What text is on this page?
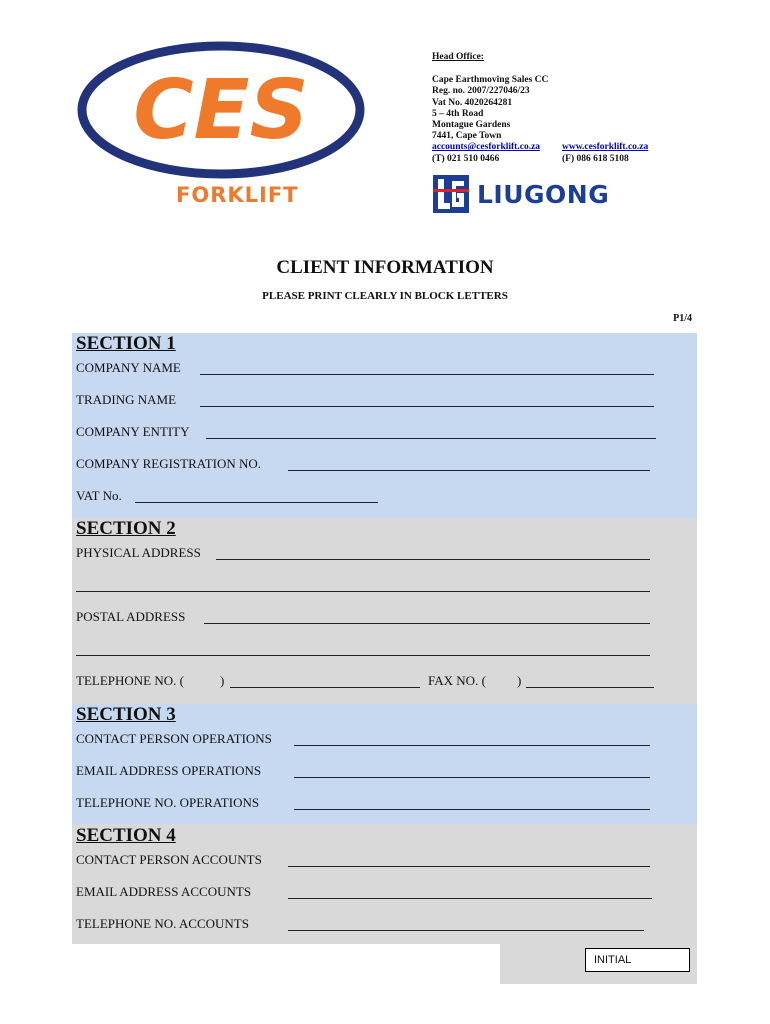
CES
FORKLIFT
Head Office:
Cape Earthmoving Sales CC
Reg. no. 2007/227046/23
Vat No. 4020264281
5 – 4th Road
Montague Gardens
7441, Cape Town
accounts@cesforklift.co.za	www.cesforklift.co.za
(T) 021 510 0466	(F) 086 618 5108
LIUGONG
CLIENT INFORMATION
PLEASE PRINT CLEARLY IN BLOCK LETTERS
P1/4
INITIAL
SECTION 1
COMPANY NAME
TRADING NAME
COMPANY ENTITY
COMPANY REGISTRATION NO.
VAT No.
SECTION 2
PHYSICAL ADDRESS
POSTAL ADDRESS
TELEPHONE NO. (	)	FAX NO. ( )
SECTION 3
CONTACT PERSON OPERATIONS
EMAIL ADDRESS OPERATIONS
TELEPHONE NO. OPERATIONS
SECTION 4
CONTACT PERSON ACCOUNTS
EMAIL ADDRESS ACCOUNTS
TELEPHONE NO. ACCOUNTS
